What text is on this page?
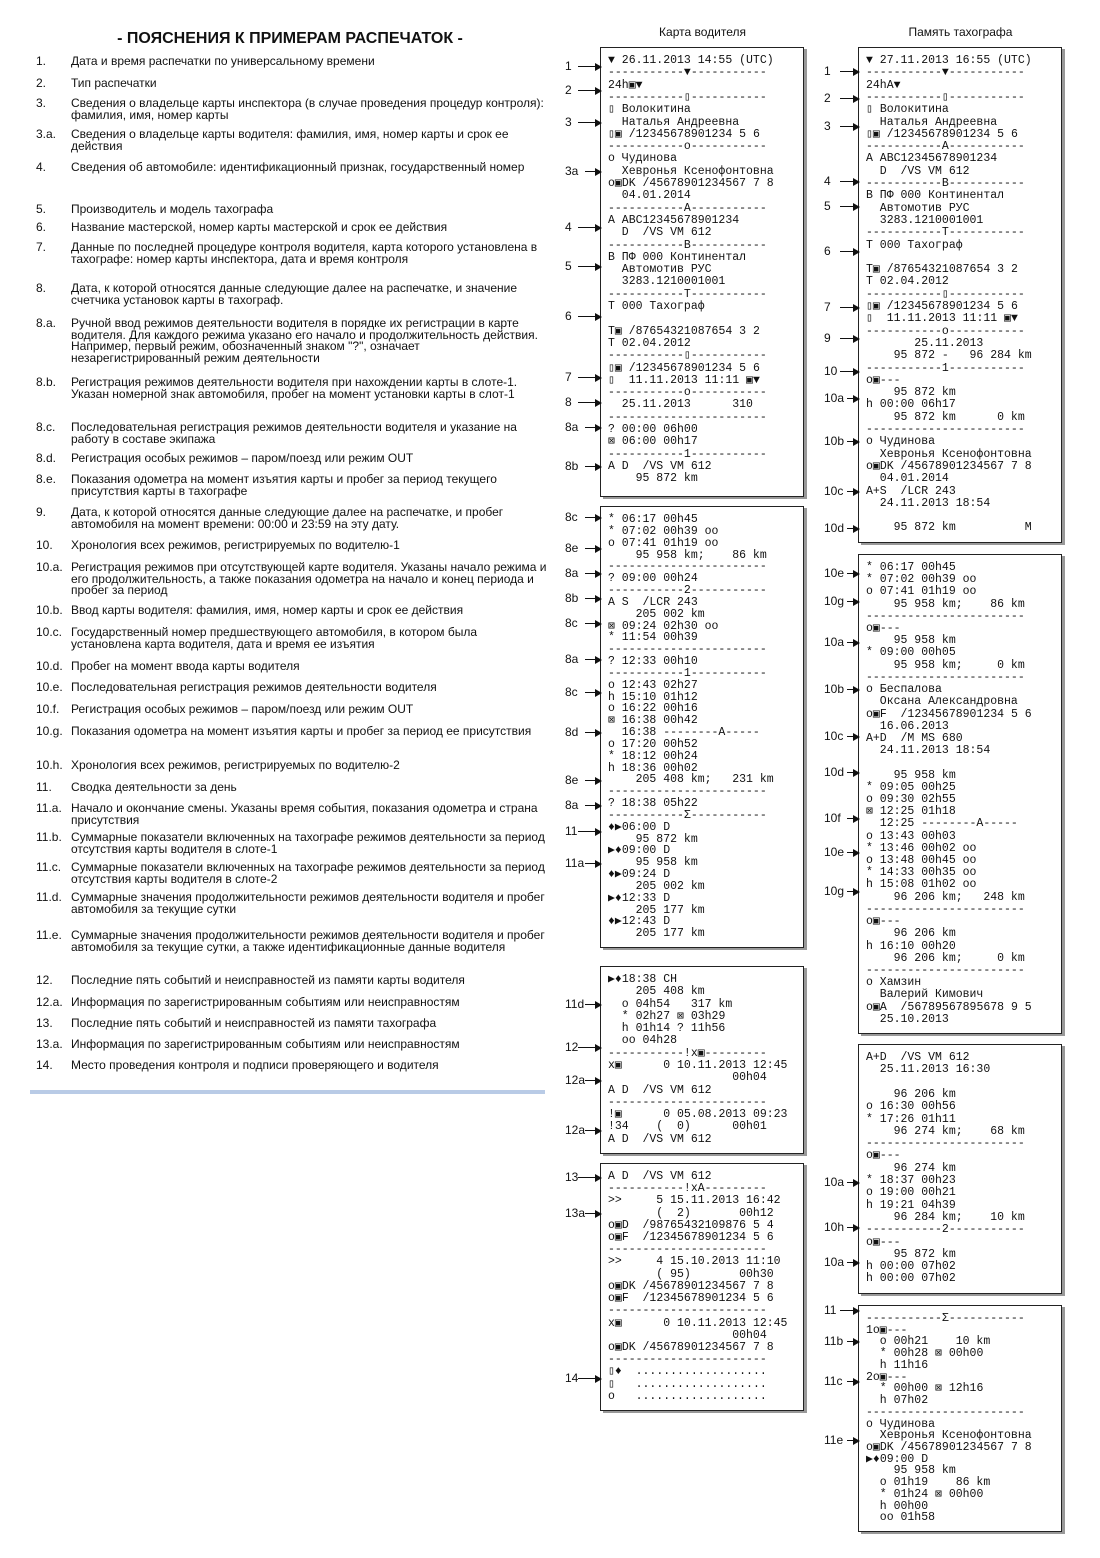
- ПОЯСНЕНИЯ К ПРИМЕРАМ РАСПЕЧАТОК -	Карта водителя	Память тахографа
1.	Дата и время распечатки по универсальному времени
2.	Тип распечатки
3.	Сведения о владельце карты инспектора (в случае проведения процедур контроля): фамилия, имя, номер карты
3.a.	Сведения о владельце карты водителя: фамилия, имя, номер карты и срок ее действия
4.	Сведения об автомобиле: идентификационный признак, государственный номер
5.	Производитель и модель тахографа
6.	Название мастерской, номер карты мастерской и срок ее действия
7.	Данные по последней процедуре контроля водителя, карта которого установлена в тахографе: номер карты инспектора, дата и время контроля
8.	Дата, к которой относятся данные следующие далее на распечатке, и значение счетчика установок карты в тахограф.
8.a.	Ручной ввод режимов деятельности водителя в порядке их регистрации в карте водителя. Для каждого режима указано его начало и продолжительность действия. Например, первый режим, обозначенный знаком "?", означает незарегистрированный режим деятельности
8.b.	Регистрация режимов деятельности водителя при нахождении карты в слоте-1. Указан номерной знак автомобиля, пробег на момент установки карты в слот-1
8.c.	Последовательная регистрация режимов деятельности водителя и указание на работу в составе экипажа
8.d.	Регистрация особых режимов – паром/поезд или режим OUT
8.e.	Показания одометра на момент изъятия карты и пробег за период текущего присутствия карты в тахографе
9.	Дата, к которой относятся данные следующие далее на распечатке, и пробег автомобиля на момент времени: 00:00 и 23:59 на эту дату.
10.	Хронология всех режимов, регистрируемых по водителю-1
10.a. Регистрация режимов при отсутствующей карте водителя. Указаны начало режима и его продолжительность, а также показания одометра на начало и конец периода и пробег за период
10.b. Ввод карты водителя: фамилия, имя, номер карты и срок ее действия
10.c. Государственный номер предшествующего автомобиля, в котором была установлена карта водителя, дата и время ее изъятия
10.d. Пробег на момент ввода карты водителя
10.e. Последовательная регистрация режимов деятельности водителя
10.f. Регистрация особых режимов – паром/поезд или режим OUT
10.g. Показания одометра на момент изъятия карты и пробег за период ее присутствия
10.h. Хронология всех режимов, регистрируемых по водителю-2
11.	Сводка деятельности за день
11.a. Начало и окончание смены. Указаны время события, показания одометра и страна присутствия
11.b. Суммарные показатели включенных на тахографе режимов деятельности за период отсутствия карты водителя в слоте-1
11.c. Суммарные показатели включенных на тахографе режимов деятельности за период отсутствия карты водителя в слоте-2
11.d. Суммарные значения продолжительности режимов деятельности водителя и пробег автомобиля за текущие сутки
11.e. Суммарные значения продолжительности режимов деятельности водителя и пробег автомобиля за текущие сутки, а также идентификационные данные водителя
12.	Последние пять событий и неисправностей из памяти карты водителя
12.a. Информация по зарегистрированным событиям или неисправностям
13.	Последние пять событий и неисправностей из памяти тахографа
13.a. Информация по зарегистрированным событиям или неисправностям
14.	Место проведения контроля и подписи проверяющего и водителя
▼ 26.11.2013 14:55 (UTC)
-----------▼-----------
24h▣▼
-----------▯-----------
▯ Волокитина
Наталья Андреевна
▯▣ /12345678901234 5 6
-----------o-----------
o Чудинова
Хевронья Ксенофонтовна
o▣DK /45678901234567 7 8
04.01.2014
-----------A-----------
A ABC12345678901234
D  /VS VM 612
-----------B-----------
B ПФ 000 Континентал
Автомотив РУС
3283.1210001001
-----------T-----------
T 000 Тахограф
T▣ /87654321087654 3 2
T 02.04.2012
-----------▯-----------
▯▣ /12345678901234 5 6
▯  11.11.2013 11:11 ▣▼
-----------o-----------
25.11.2013      310
-----------------------
? 00:00 06h00
⊠ 06:00 00h17
-----------1-----------
A D  /VS VM 612
95 872 km
* 06:17 00h45
* 07:02 00h39 oo
o 07:41 01h19 oo
95 958 km;    86 km
-----------------------
? 09:00 00h24
-----------2-----------
A S  /LCR 243
205 002 km
⊠ 09:24 02h30 oo
* 11:54 00h39
-----------------------
? 12:33 00h10
-----------1-----------
o 12:43 02h27
h 15:10 01h12
o 16:22 00h16
⊠ 16:38 00h42
16:38 --------A-----
o 17:20 00h52
* 18:12 00h24
h 18:36 00h02
205 408 km;   231 km
-----------------------
? 18:38 05h22
-----------Σ-----------
♦▶06:00 D
95 872 km
▶♦09:00 D
95 958 km
♦▶09:24 D
205 002 km
▶♦12:33 D
205 177 km
♦▶12:43 D
205 177 km
▶♦18:38 CH
205 408 km
o 04h54   317 km
* 02h27 ⊠ 03h29
h 01h14 ? 11h56
oo 04h28
-----------!x▣---------
x▣      0 10.11.2013 12:45
00h04
A D  /VS VM 612
-----------------------
!▣      0 05.08.2013 09:23
!34    (  0)      00h01
A D  /VS VM 612
A D  /VS VM 612
-----------!xA---------
>>     5 15.11.2013 16:42
(  2)       00h12
o▣D  /98765432109876 5 4
o▣F  /12345678901234 5 6
-----------------------
>>     4 15.10.2013 11:10
( 95)       00h30
o▣DK /45678901234567 7 8
o▣F  /12345678901234 5 6
-----------------------
x▣      0 10.11.2013 12:45
00h04
o▣DK /45678901234567 7 8
-----------------------
▯♦  ...................
▯   ...................
o   ...................
▼ 27.11.2013 16:55 (UTC)
-----------▼-----------
24hA▼
-----------▯-----------
▯ Волокитина
Наталья Андреевна
▯▣ /12345678901234 5 6
-----------A-----------
A ABC12345678901234
D  /VS VM 612
-----------B-----------
B ПФ 000 Континентал
Автомотив РУС
3283.1210001001
-----------T-----------
T 000 Тахограф
T▣ /87654321087654 3 2
T 02.04.2012
-----------▯-----------
▯▣ /12345678901234 5 6
▯  11.11.2013 11:11 ▣▼
-----------o-----------
25.11.2013
95 872 -   96 284 km
-----------1-----------
o▣---
95 872 km
h 00:00 06h17
95 872 km      0 km
-----------------------
o Чудинова
Хевронья Ксенофонтовна
o▣DK /45678901234567 7 8
04.01.2014
A+S  /LCR 243
24.11.2013 18:54
95 872 km          M
* 06:17 00h45
* 07:02 00h39 oo
o 07:41 01h19 oo
95 958 km;    86 km
-----------------------
o▣---
95 958 km
* 09:00 00h05
95 958 km;     0 km
-----------------------
o Беспалова
Оксана Александровна
o▣F  /12345678901234 5 6
16.06.2013
A+D  /M MS 680
24.11.2013 18:54
95 958 km
* 09:05 00h25
o 09:30 02h55
⊠ 12:25 01h18
12:25 --------A-----
o 13:43 00h03
* 13:46 00h02 oo
o 13:48 00h45 oo
* 14:33 00h35 oo
h 15:08 01h02 oo
96 206 km;   248 km
-----------------------
o▣---
96 206 km
h 16:10 00h20
96 206 km;     0 km
-----------------------
o Хамзин
Валерий Кимович
o▣A  /56789567895678 9 5
25.10.2013
A+D  /VS VM 612
25.11.2013 16:30
96 206 km
o 16:30 00h56
* 17:26 01h11
96 274 km;    68 km
-----------------------
o▣---
96 274 km
* 18:37 00h23
o 19:00 00h21
h 19:21 04h39
96 284 km;    10 km
-----------2-----------
o▣---
95 872 km
h 00:00 07h02
h 00:00 07h02
-----------Σ-----------
1o▣---
o 00h21    10 km
* 00h28 ⊠ 00h00
h 11h16
2o▣---
* 00h00 ⊠ 12h16
h 07h02
-----------------------
o Чудинова
Хевронья Ксенофонтовна
o▣DK /45678901234567 7 8
▶♦09:00 D
95 958 km
o 01h19    86 km
* 01h24 ⊠ 00h00
h 00h00
oo 01h58
1
2
3
3a
4
5
6
7
8
8a
8b
8c
8e
8a
8b
8c
8a
8c
8d
8e
8a
11
11a
11d
12
12a
12a
13
13a
14
1
2
3
4
5
6
7
9
10
10a
10b
10c
10d
10e
10g
10a
10b
10c
10d
10f
10e
10g
10a
10h
10a
11
11b
11c
11e
